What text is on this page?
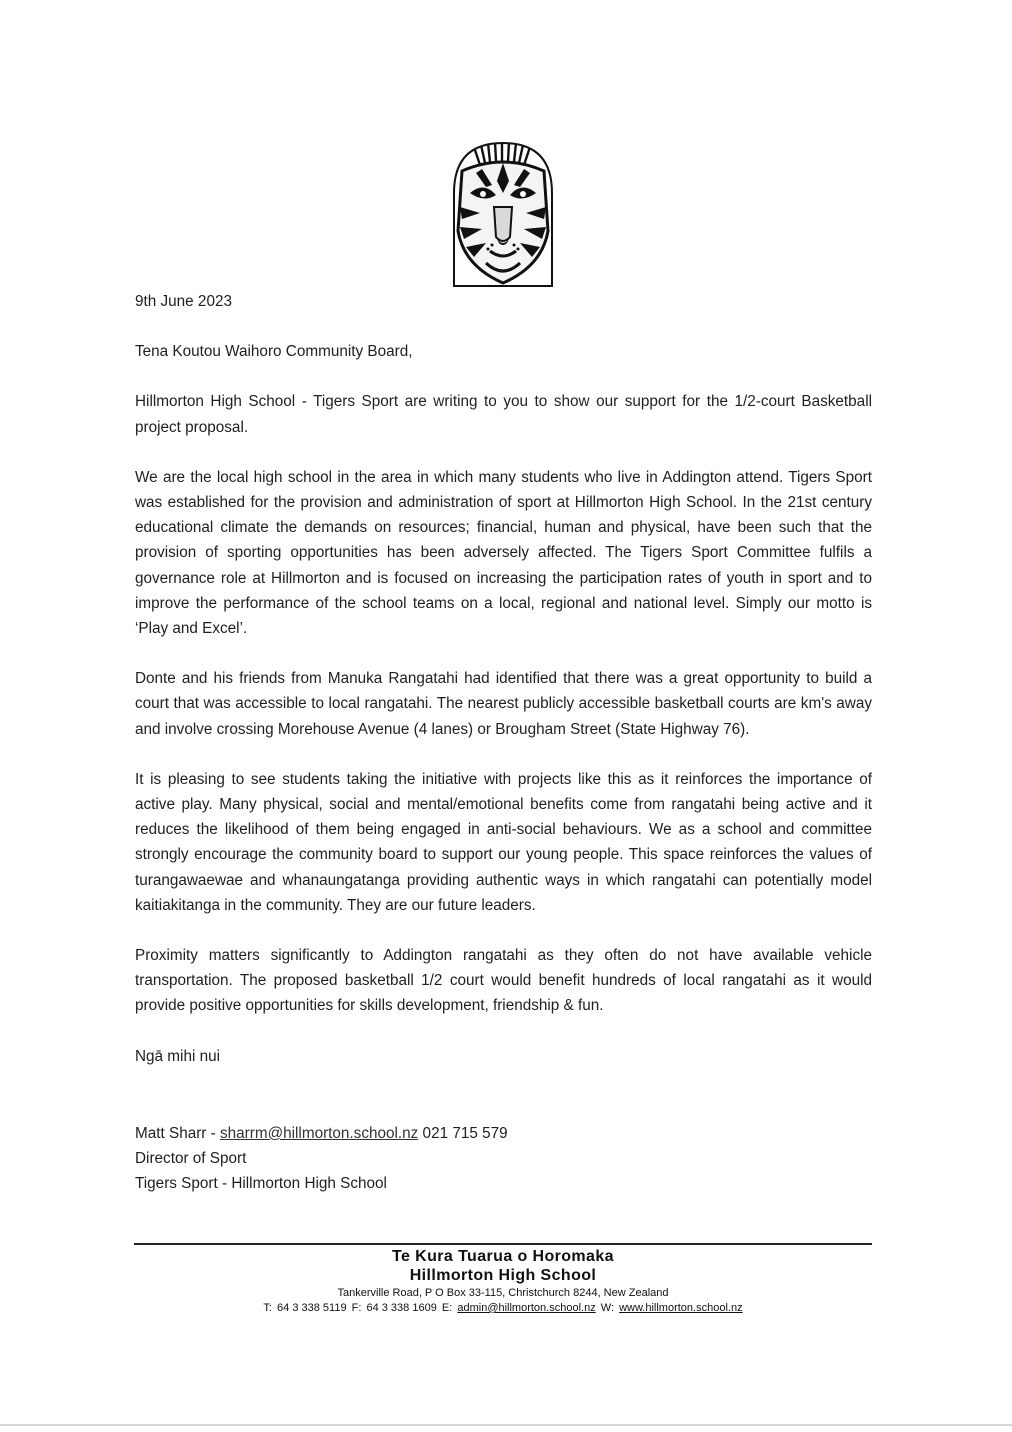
9th June 2023

Tena Koutou Waihoro Community Board,

Hillmorton High School - Tigers Sport are writing to you to show our support for the 1/2-court Basketball project proposal.

We are the local high school in the area in which many students who live in Addington attend. Tigers Sport was established for the provision and administration of sport at Hillmorton High School. In the 21st century educational climate the demands on resources; financial, human and physical, have been such that the provision of sporting opportunities has been adversely affected. The Tigers Sport Committee fulfils a governance role at Hillmorton and is focused on increasing the participation rates of youth in sport and to improve the performance of the school teams on a local, regional and national level. Simply our motto is ‘Play and Excel’.

Donte and his friends from Manuka Rangatahi had identified that there was a great opportunity to build a court that was accessible to local rangatahi. The nearest publicly accessible basketball courts are km's away and involve crossing Morehouse Avenue (4 lanes) or Brougham Street (State Highway 76).

It is pleasing to see students taking the initiative with projects like this as it reinforces the importance of active play. Many physical, social and mental/emotional benefits come from rangatahi being active and it reduces the likelihood of them being engaged in anti-social behaviours. We as a school and committee strongly encourage the community board to support our young people. This space reinforces the values of turangawaewae and whanaungatanga providing authentic ways in which rangatahi can potentially model kaitiakitanga in the community. They are our future leaders.

Proximity matters significantly to Addington rangatahi as they often do not have available vehicle transportation. The proposed basketball 1/2 court would benefit hundreds of local rangatahi as it would provide positive opportunities for skills development, friendship & fun.

Ngā mihi nui

Matt Sharr - sharrm@hillmorton.school.nz 021 715 579

Director of Sport

Tigers Sport - Hillmorton High School

Te Kura Tuarua o Horomaka
Hillmorton High School
Tankerville Road, P O Box 33-115, Christchurch 8244, New Zealand
T: 64 3 338 5119 F: 64 3 338 1609 E: admin@hillmorton.school.nz W: www.hillmorton.school.nz
